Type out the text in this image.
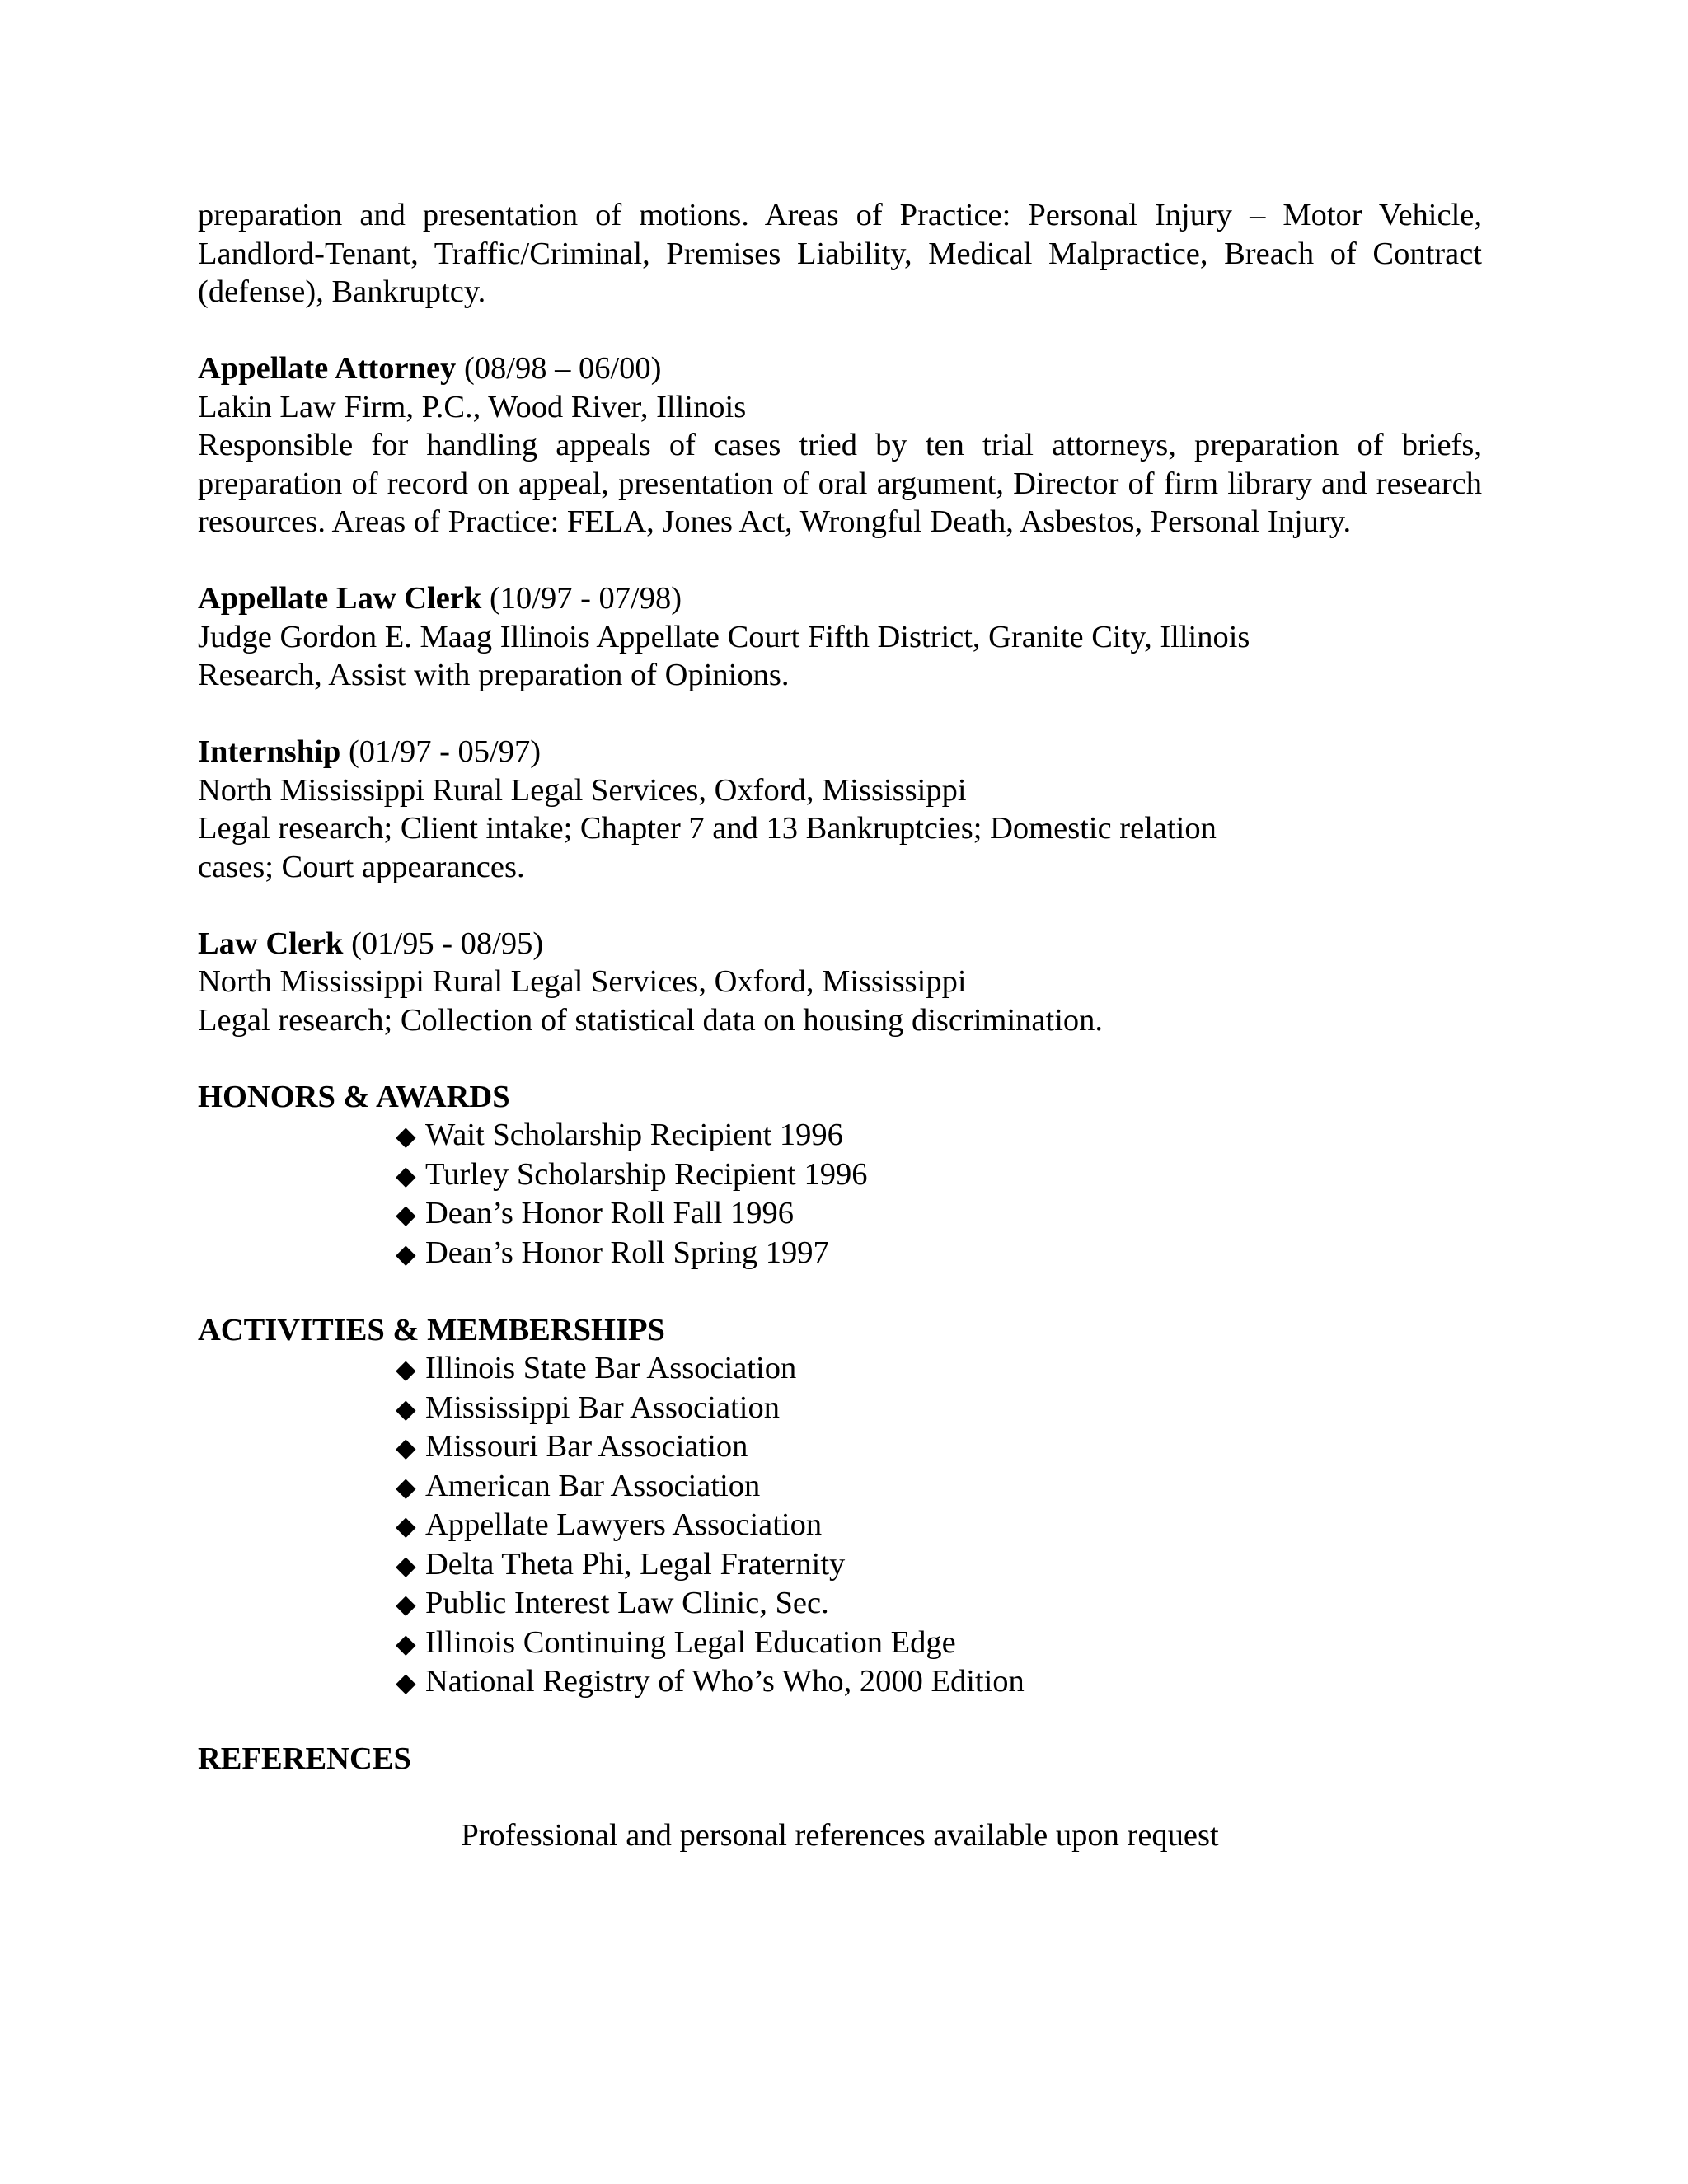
preparation and presentation of motions. Areas of Practice: Personal Injury – Motor Vehicle, Landlord-Tenant, Traffic/Criminal, Premises Liability, Medical Malpractice, Breach of Contract (defense), Bankruptcy.

Appellate Attorney (08/98 – 06/00)
Lakin Law Firm, P.C., Wood River, Illinois

Responsible for handling appeals of cases tried by ten trial attorneys, preparation of briefs, preparation of record on appeal, presentation of oral argument, Director of firm library and research resources. Areas of Practice: FELA, Jones Act, Wrongful Death, Asbestos, Personal Injury.

Appellate Law Clerk (10/97 - 07/98)
Judge Gordon E. Maag Illinois Appellate Court Fifth District, Granite City, Illinois
Research, Assist with preparation of Opinions.
Internship (01/97 - 05/97)
North Mississippi Rural Legal Services, Oxford, Mississippi
Legal research; Client intake; Chapter 7 and 13 Bankruptcies; Domestic relation
cases; Court appearances.
Law Clerk (01/95 - 08/95)
North Mississippi Rural Legal Services, Oxford, Mississippi
Legal research; Collection of statistical data on housing discrimination.
HONORS & AWARDS
◆ Wait Scholarship Recipient 1996
◆ Turley Scholarship Recipient 1996
◆ Dean’s Honor Roll Fall 1996
◆ Dean’s Honor Roll Spring 1997
ACTIVITIES & MEMBERSHIPS
◆ Illinois State Bar Association
◆ Mississippi Bar Association
◆ Missouri Bar Association
◆ American Bar Association
◆ Appellate Lawyers Association
◆ Delta Theta Phi, Legal Fraternity
◆ Public Interest Law Clinic, Sec.
◆ Illinois Continuing Legal Education Edge
◆ National Registry of Who’s Who, 2000 Edition
REFERENCES
Professional and personal references available upon request
